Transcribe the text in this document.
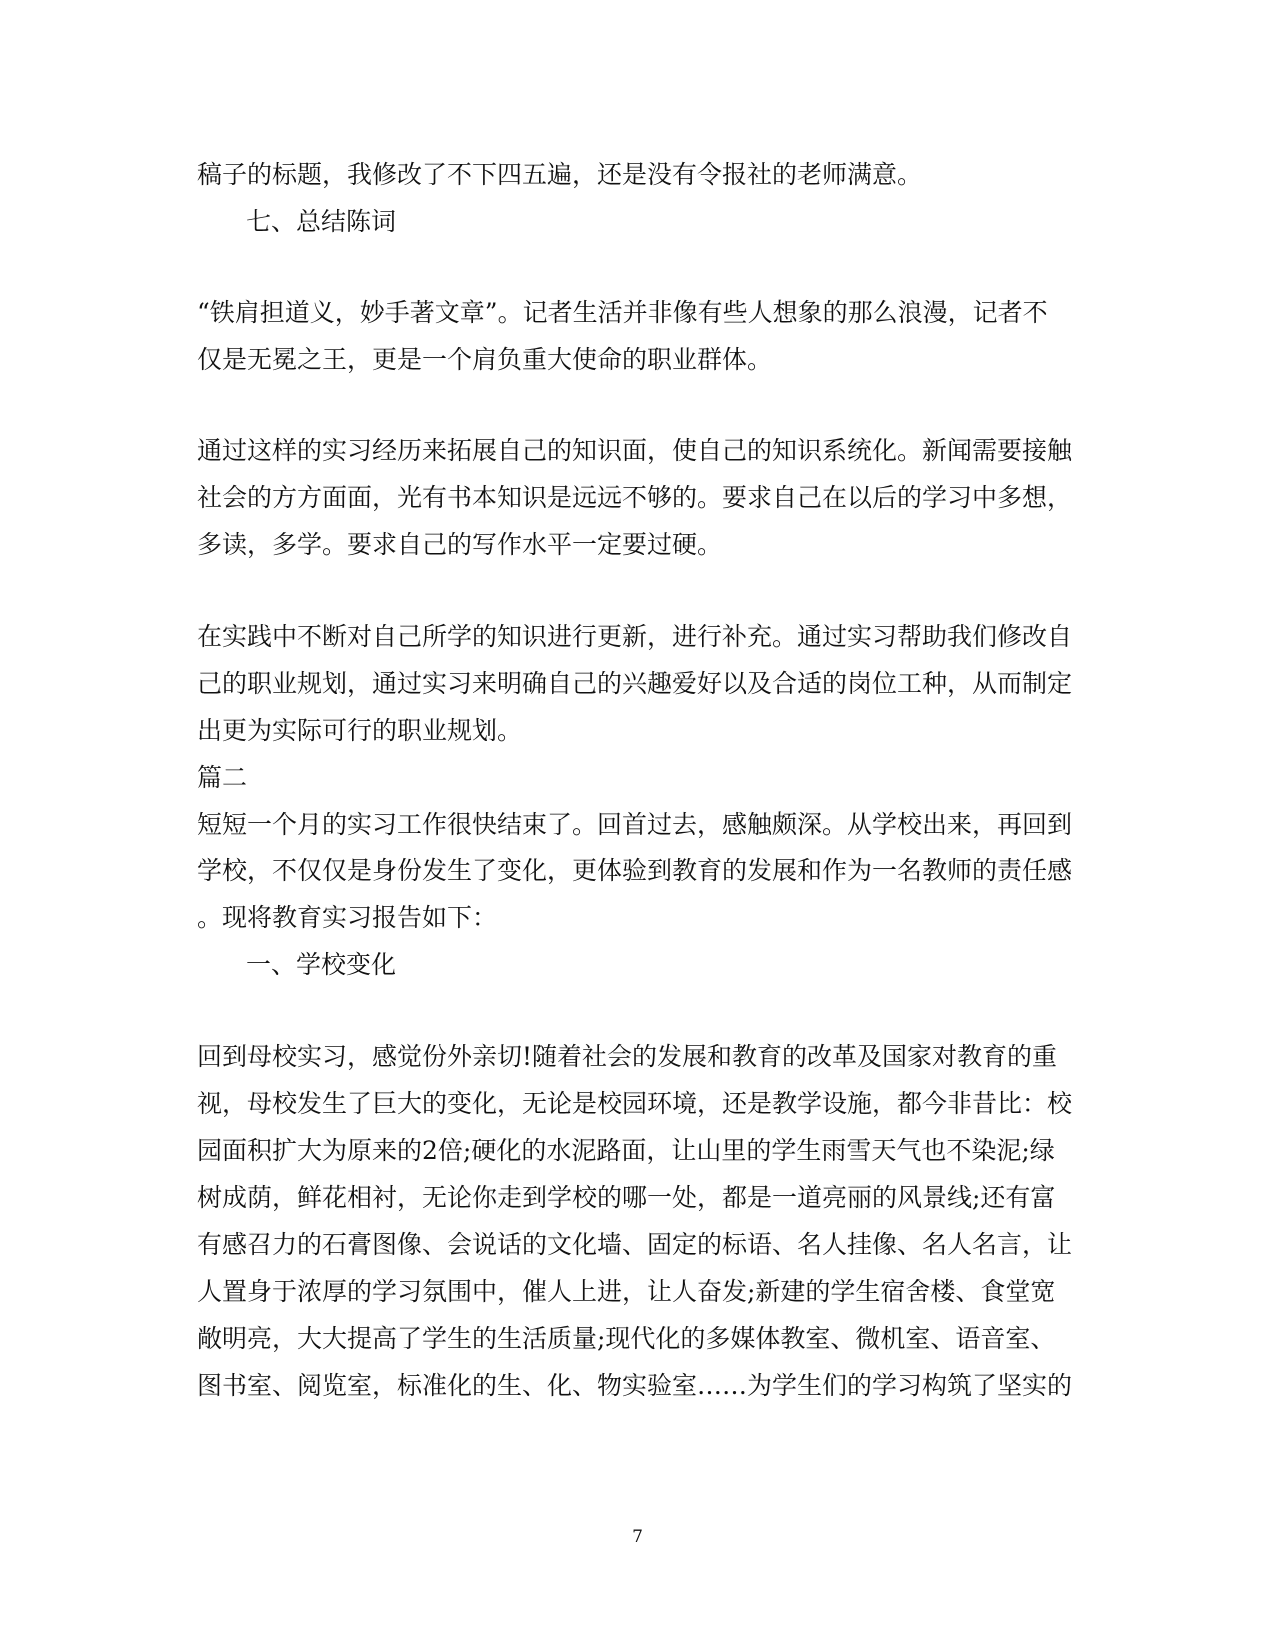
稿子的标题，我修改了不下四五遍，还是没有令报社的老师满意。
七、总结陈词
“铁肩担道义，妙手著文章”。记者生活并非像有些人想象的那么浪漫，记者不
仅是无冕之王，更是一个肩负重大使命的职业群体。
通过这样的实习经历来拓展自己的知识面，使自己的知识系统化。新闻需要接触
社会的方方面面，光有书本知识是远远不够的。要求自己在以后的学习中多想，
多读，多学。要求自己的写作水平一定要过硬。
在实践中不断对自己所学的知识进行更新，进行补充。通过实习帮助我们修改自
己的职业规划，通过实习来明确自己的兴趣爱好以及合适的岗位工种，从而制定
出更为实际可行的职业规划。
篇二
短短一个月的实习工作很快结束了。回首过去，感触颇深。从学校出来，再回到
学校，不仅仅是身份发生了变化，更体验到教育的发展和作为一名教师的责任感
。现将教育实习报告如下：
一、学校变化
回到母校实习，感觉份外亲切!随着社会的发展和教育的改革及国家对教育的重
视，母校发生了巨大的变化，无论是校园环境，还是教学设施，都今非昔比：校
园面积扩大为原来的2倍;硬化的水泥路面，让山里的学生雨雪天气也不染泥;绿
树成荫，鲜花相衬，无论你走到学校的哪一处，都是一道亮丽的风景线;还有富
有感召力的石膏图像、会说话的文化墙、固定的标语、名人挂像、名人名言，让
人置身于浓厚的学习氛围中，催人上进，让人奋发;新建的学生宿舍楼、食堂宽
敞明亮，大大提高了学生的生活质量;现代化的多媒体教室、微机室、语音室、
图书室、阅览室，标准化的生、化、物实验室……为学生们的学习构筑了坚实的
7
